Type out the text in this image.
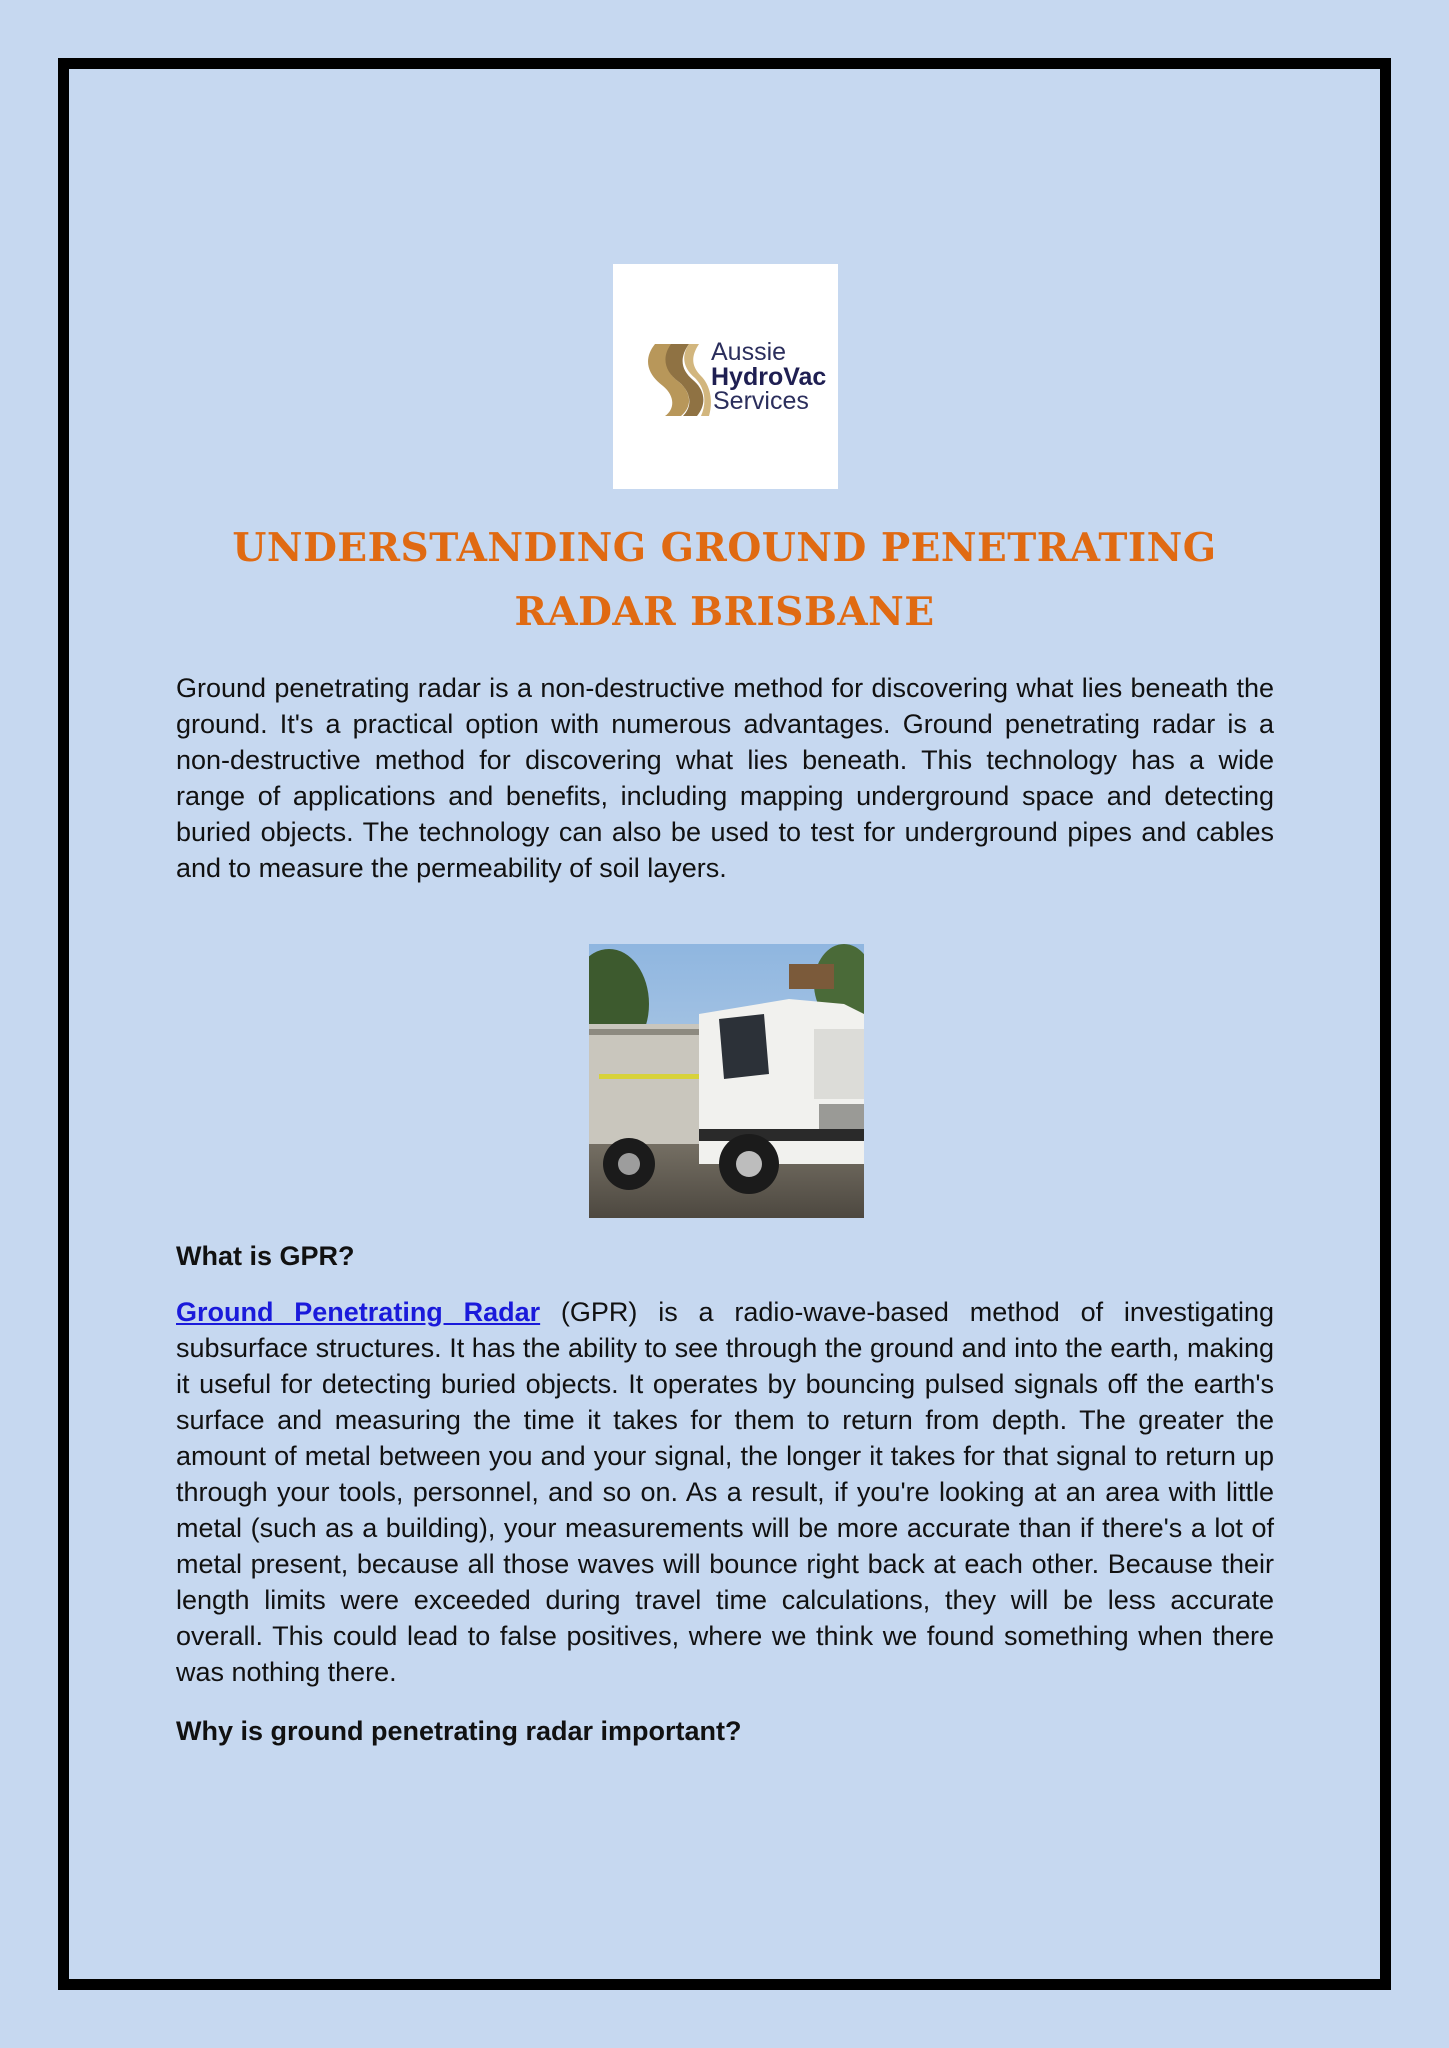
Aussie
HydroVac
Services
UNDERSTANDING GROUND PENETRATING RADAR BRISBANE

Ground penetrating radar is a non-destructive method for discovering what lies beneath the ground. It's a practical option with numerous advantages. Ground penetrating radar is a non-destructive method for discovering what lies beneath. This technology has a wide range of applications and benefits, including mapping underground space and detecting buried objects. The technology can also be used to test for underground pipes and cables and to measure the permeability of soil layers.

What is GPR?

Ground Penetrating Radar (GPR) is a radio-wave-based method of investigating subsurface structures. It has the ability to see through the ground and into the earth, making it useful for detecting buried objects. It operates by bouncing pulsed signals off the earth's surface and measuring the time it takes for them to return from depth. The greater the amount of metal between you and your signal, the longer it takes for that signal to return up through your tools, personnel, and so on. As a result, if you're looking at an area with little metal (such as a building), your measurements will be more accurate than if there's a lot of metal present, because all those waves will bounce right back at each other. Because their length limits were exceeded during travel time calculations, they will be less accurate overall. This could lead to false positives, where we think we found something when there was nothing there.

Why is ground penetrating radar important?
